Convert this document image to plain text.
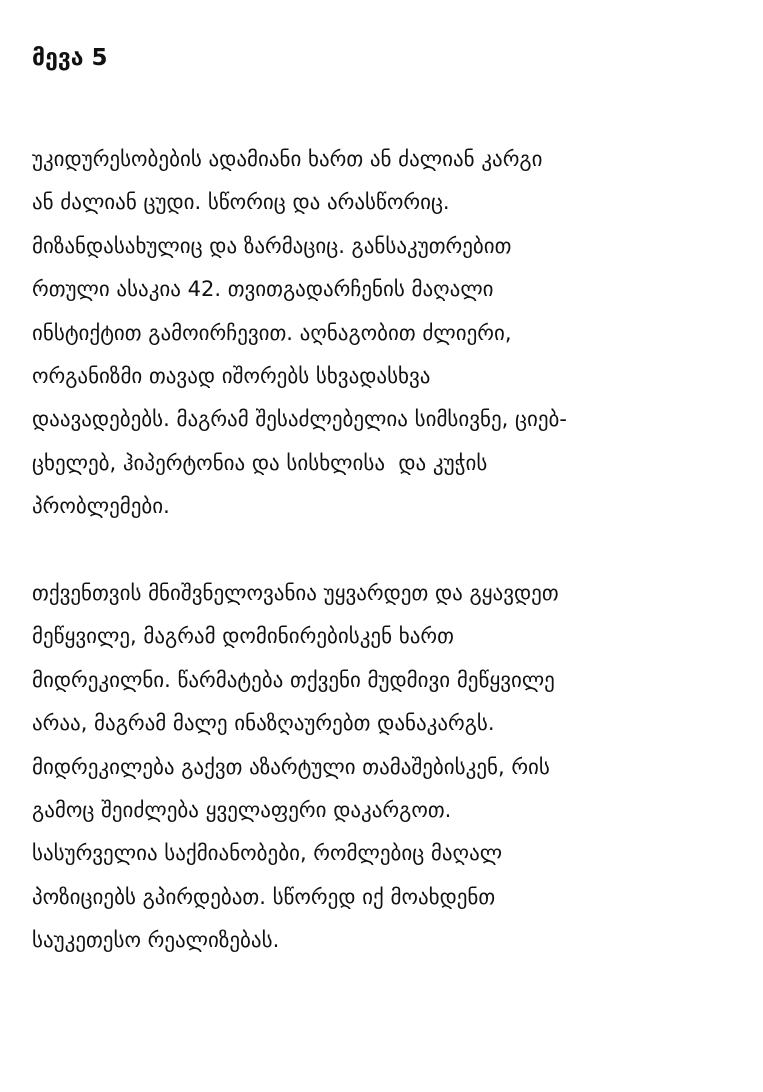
მევა 5
უკიდურესობების ადამიანი ხართ ან ძალიან კარგი
ან ძალიან ცუდი. სწორიც და არასწორიც.
მიზანდასახულიც და ზარმაციც. განსაკუთრებით
რთული ასაკია 42. თვითგადარჩენის მაღალი
ინსტიქტით გამოირჩევით. აღნაგობით ძლიერი,
ორგანიზმი თავად იშორებს სხვადასხვა
დაავადებებს. მაგრამ შესაძლებელია სიმსივნე, ციებ-
ცხელებ, ჰიპერტონია და სისხლისა  და კუჭის
პრობლემები.
თქვენთვის მნიშვნელოვანია უყვარდეთ და გყავდეთ
მეწყვილე, მაგრამ დომინირებისკენ ხართ
მიდრეკილნი. წარმატება თქვენი მუდმივი მეწყვილე
არაა, მაგრამ მალე ინაზღაურებთ დანაკარგს.
მიდრეკილება გაქვთ აზარტული თამაშებისკენ, რის
გამოც შეიძლება ყველაფერი დაკარგოთ.
სასურველია საქმიანობები, რომლებიც მაღალ
პოზიციებს გპირდებათ. სწორედ იქ მოახდენთ
საუკეთესო რეალიზებას.
